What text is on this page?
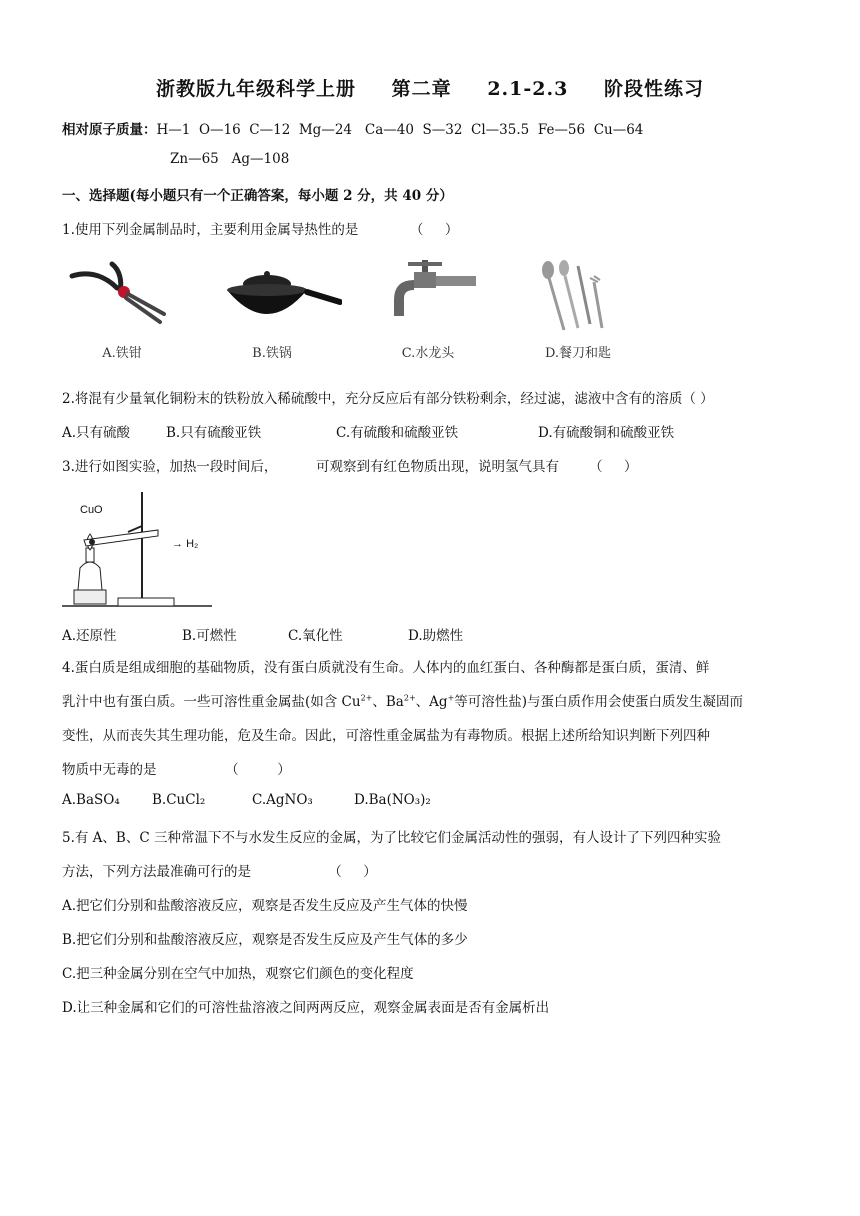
浙教版九年级科学上册 第二章 2.1-2.3 阶段性练习
相对原子质量：H—1  O—16  C—12  Mg—24   Ca—40  S—32  Cl—35.5  Fe—56  Cu—64
Zn—65   Ag—108
一、选择题(每小题只有一个正确答案，每小题 2 分，共 40 分）
1.使用下列金属制品时，主要利用金属导热性的是            （     ）
A.铁钳	B.铁锅	C.水龙头	D.餐刀和匙
2.将混有少量氧化铜粉末的铁粉放入稀硫酸中，充分反应后有部分铁粉剩余，经过滤，滤液中含有的溶质（ ）
A.只有硫酸	B.只有硫酸亚铁	C.有硫酸和硫酸亚铁	D.有硫酸铜和硫酸亚铁
3.进行如图实验，加热一段时间后，         可观察到有红色物质出现，说明氢气具有       （     ）
CuO
→ H₂
A.还原性	B.可燃性	C.氧化性	D.助燃性
4.蛋白质是组成细胞的基础物质，没有蛋白质就没有生命。人体内的血红蛋白、各种酶都是蛋白质，蛋清、鲜
乳汁中也有蛋白质。一些可溶性重金属盐(如含 $Cu^{2+}$、$Ba^{2+}$、Ag+等可溶性盐)与蛋白质作用会使蛋白质发生凝固而
变性，从而丧失其生理功能，危及生命。因此，可溶性重金属盐为有毒物质。根据上述所给知识判断下列四种
物质中无毒的是                （         ）
A.BaSO₄ B.CuCl₂	C.AgNO₃	D.Ba(NO₃)₂
5.有 A、B、C 三种常温下不与水发生反应的金属，为了比较它们金属活动性的强弱，有人设计了下列四种实验
方法，下列方法最准确可行的是                  （     ）
A.把它们分别和盐酸溶液反应，观察是否发生反应及产生气体的快慢
B.把它们分别和盐酸溶液反应，观察是否发生反应及产生气体的多少
C.把三种金属分别在空气中加热，观察它们颜色的变化程度
D.让三种金属和它们的可溶性盐溶液之间两两反应，观察金属表面是否有金属析出
